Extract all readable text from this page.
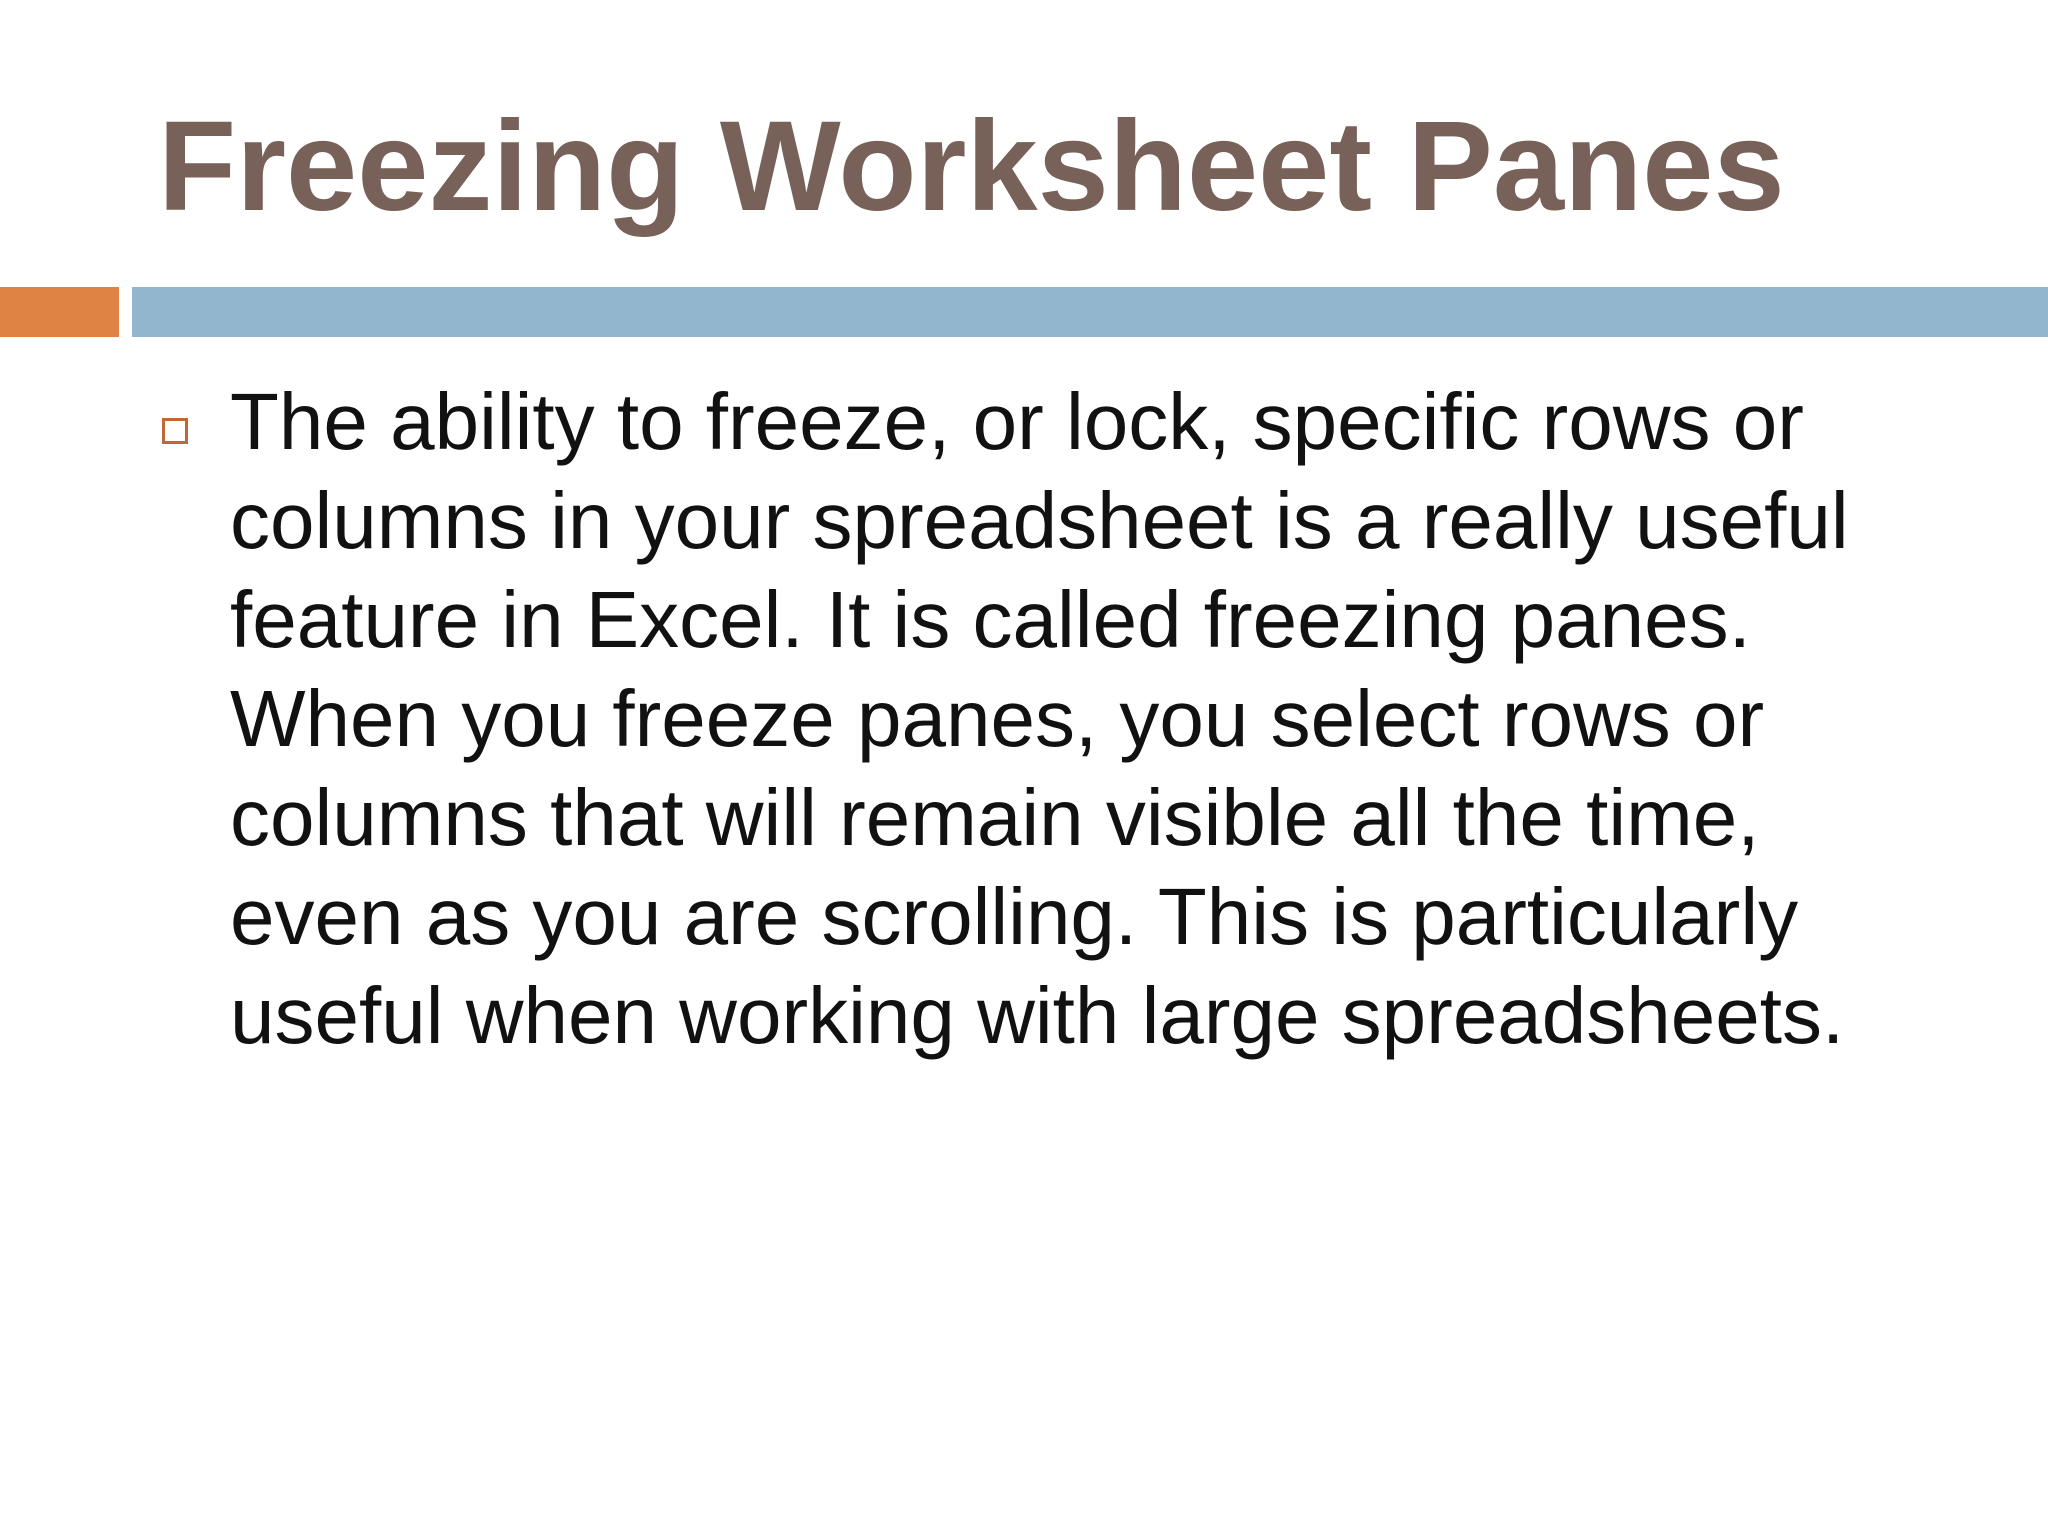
Freezing Worksheet Panes

The ability to freeze, or lock, specific rows or columns in your spreadsheet is a really useful feature in Excel. It is called freezing panes. When you freeze panes, you select rows or columns that will remain visible all the time, even as you are scrolling. This is particularly useful when working with large spreadsheets.
